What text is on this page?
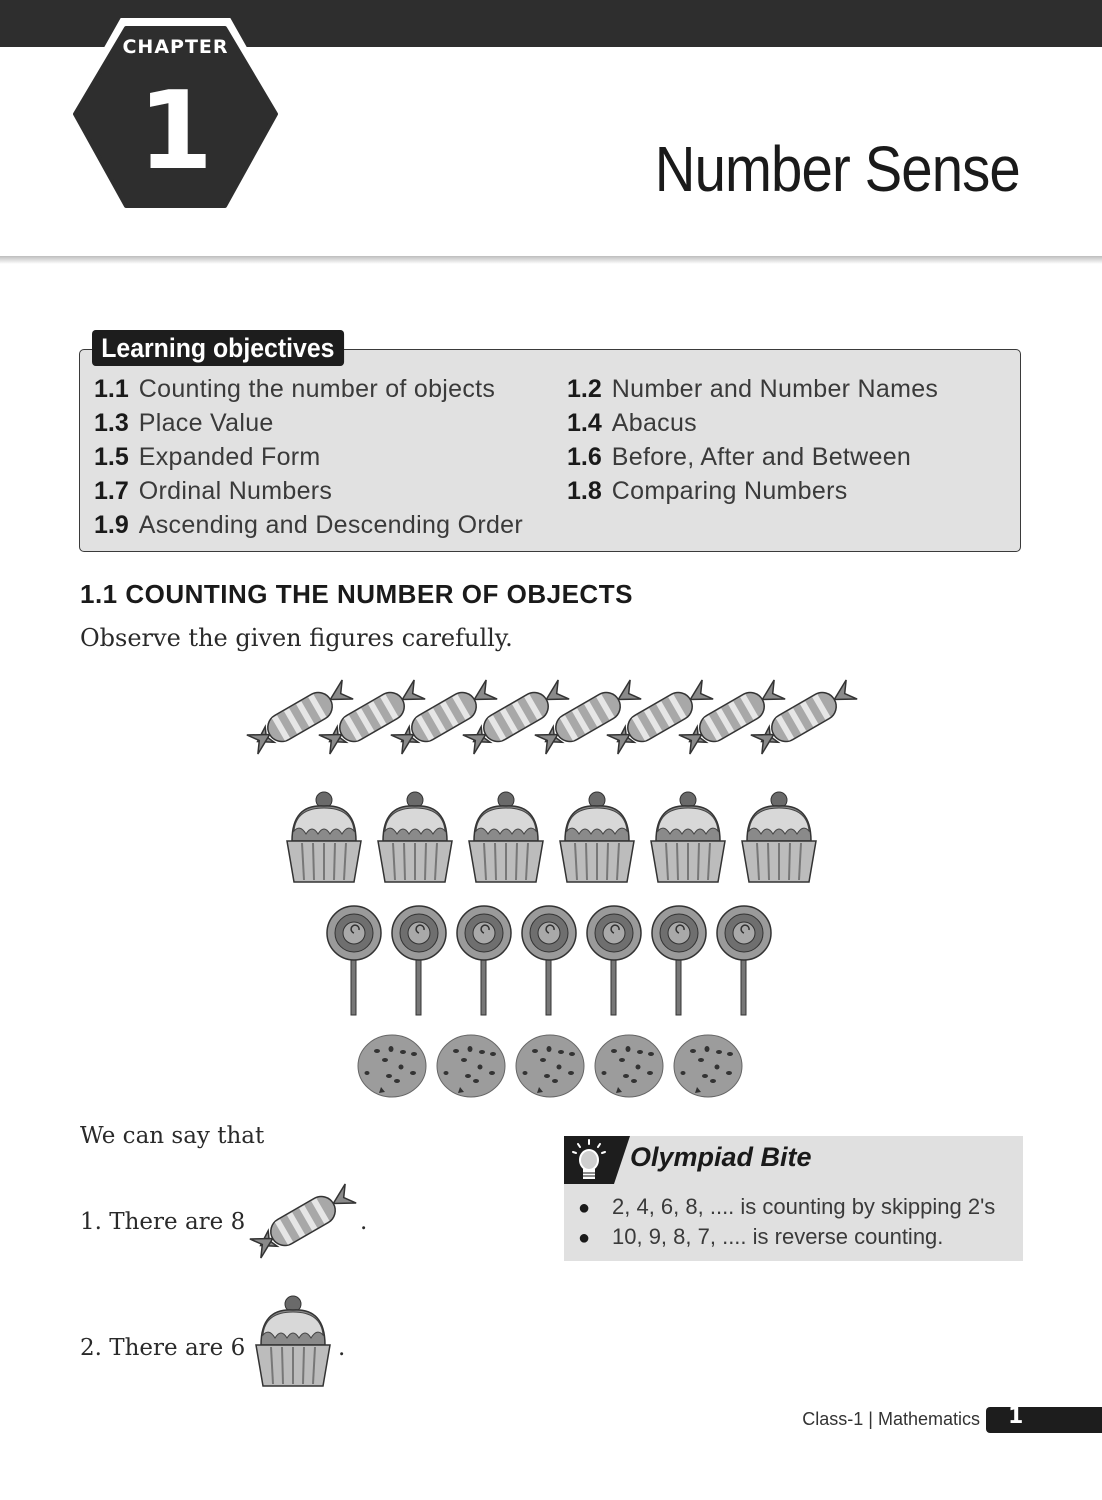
CHAPTER
1	Number Sense
Learning objectives
1.1 Counting the number of objects	1.2 Number and Number Names
1.3 Place Value	1.4 Abacus
1.5 Expanded Form	1.6 Before, After and Between
1.7 Ordinal Numbers	1.8 Comparing Numbers
1.9 Ascending and Descending Order
1.1 COUNTING THE NUMBER OF OBJECTS
Observe the given figures carefully.
We can say that
1. There are 8	.
2. There are 6	.
Olympiad Bite
● 2, 4, 6, 8, .... is counting by skipping 2's
● 10, 9, 8, 7, .... is reverse counting.
Class-1 | Mathematics 1
